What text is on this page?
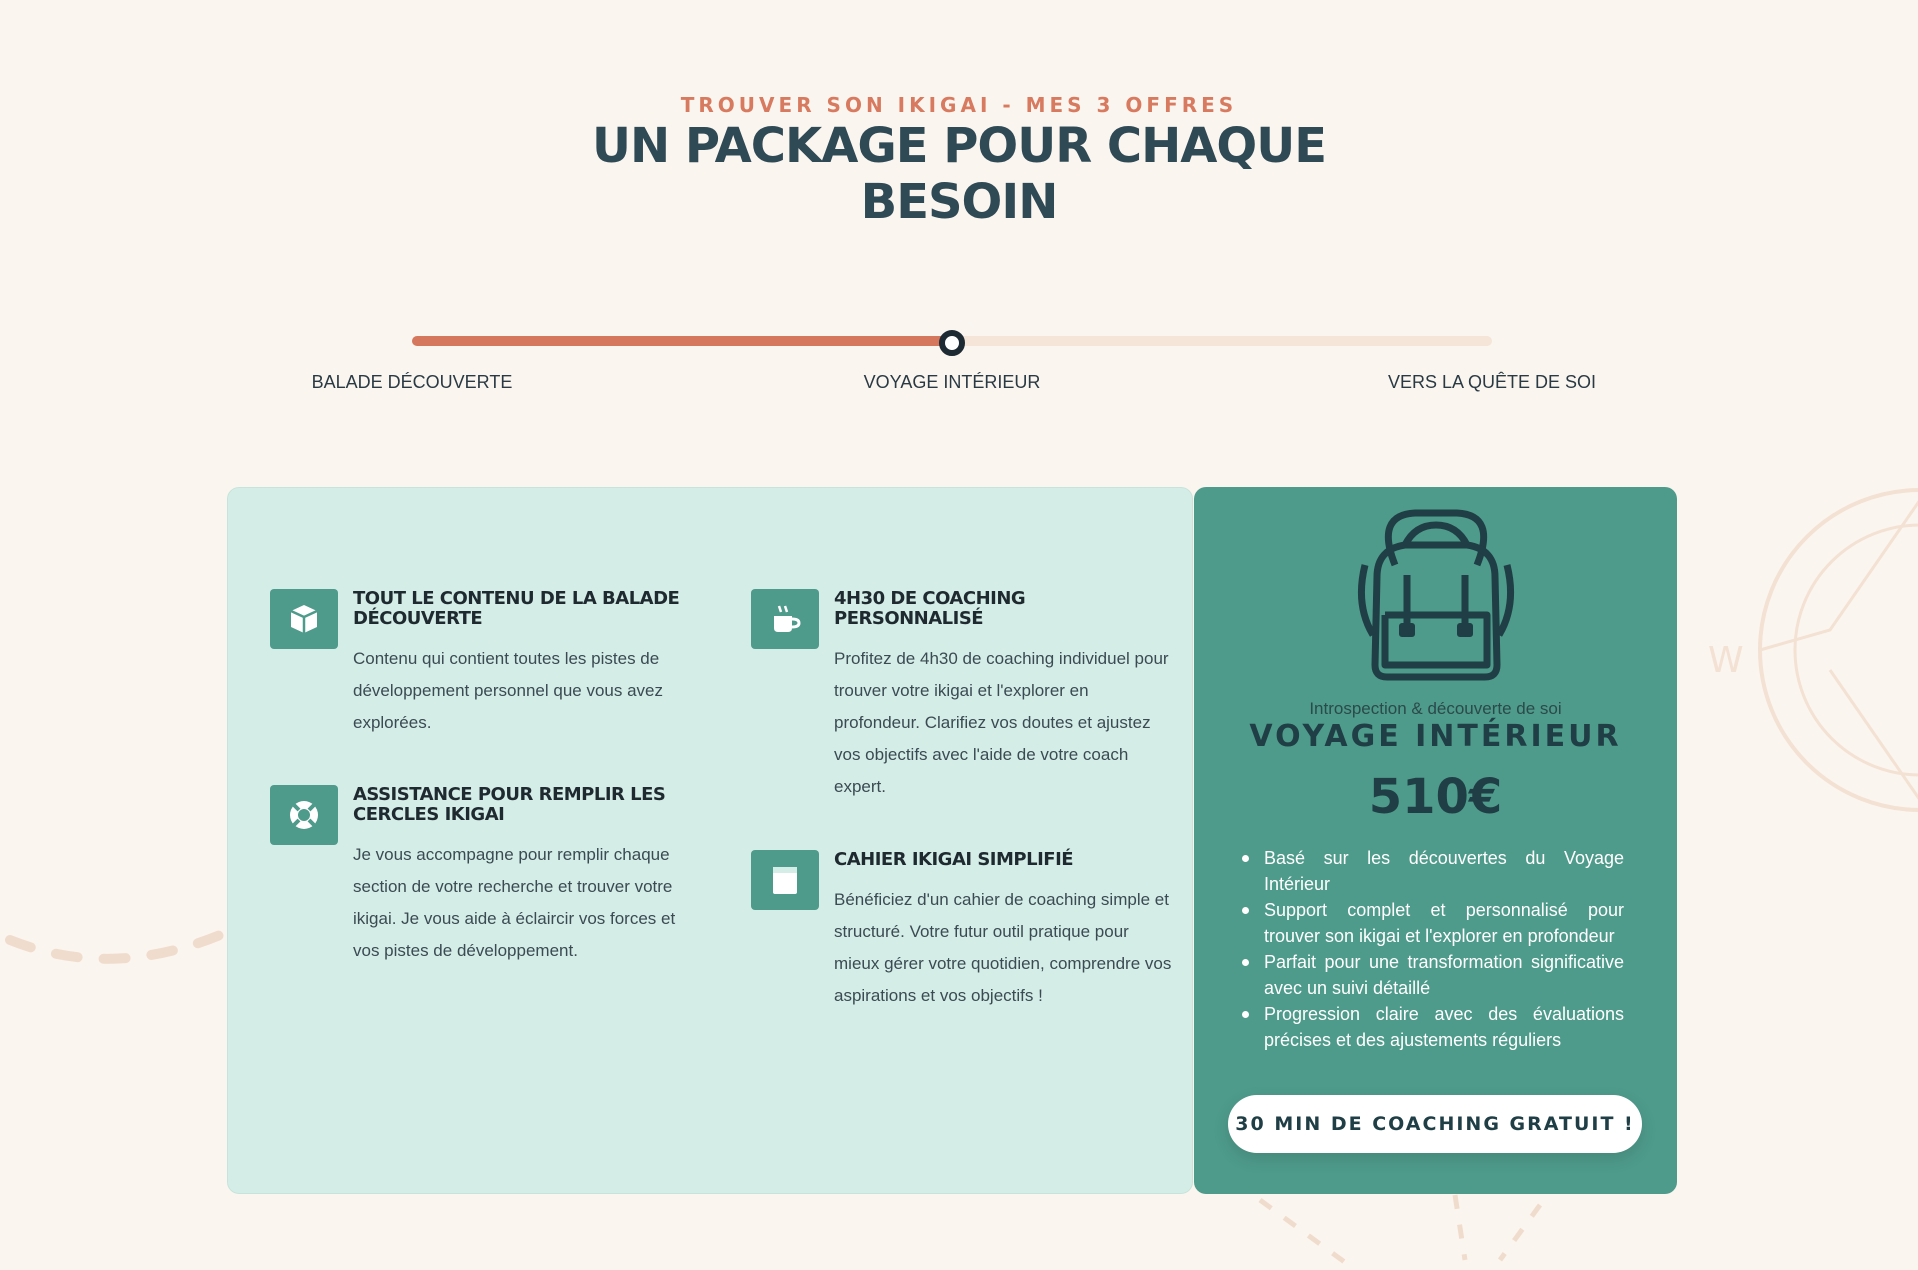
W
TROUVER SON IKIGAI - MES 3 OFFRES
UN PACKAGE POUR CHAQUE BESOIN
BALADE DÉCOUVERTE	VOYAGE INTÉRIEUR	VERS LA QUÊTE DE SOI
TOUT LE CONTENU DE LA BALADE DÉCOUVERTE
Contenu qui contient toutes les pistes de développement personnel que vous avez explorées.
ASSISTANCE POUR REMPLIR LES CERCLES IKIGAI
Je vous accompagne pour remplir chaque section de votre recherche et trouver votre ikigai. Je vous aide à éclaircir vos forces et vos pistes de développement.
4H30 DE COACHING PERSONNALISÉ
Profitez de 4h30 de coaching individuel pour trouver votre ikigai et l'explorer en profondeur. Clarifiez vos doutes et ajustez vos objectifs avec l'aide de votre coach expert.
CAHIER IKIGAI SIMPLIFIÉ
Bénéficiez d'un cahier de coaching simple et structuré. Votre futur outil pratique pour mieux gérer votre quotidien, comprendre vos aspirations et vos objectifs !
Introspection & découverte de soi
VOYAGE INTÉRIEUR
510€
Basé sur les découvertes du Voyage Intérieur
Support complet et personnalisé pour trouver son ikigai et l'explorer en profondeur
Parfait pour une transformation significative avec un suivi détaillé
Progression claire avec des évaluations précises et des ajustements réguliers
30 MIN DE COACHING GRATUIT !
